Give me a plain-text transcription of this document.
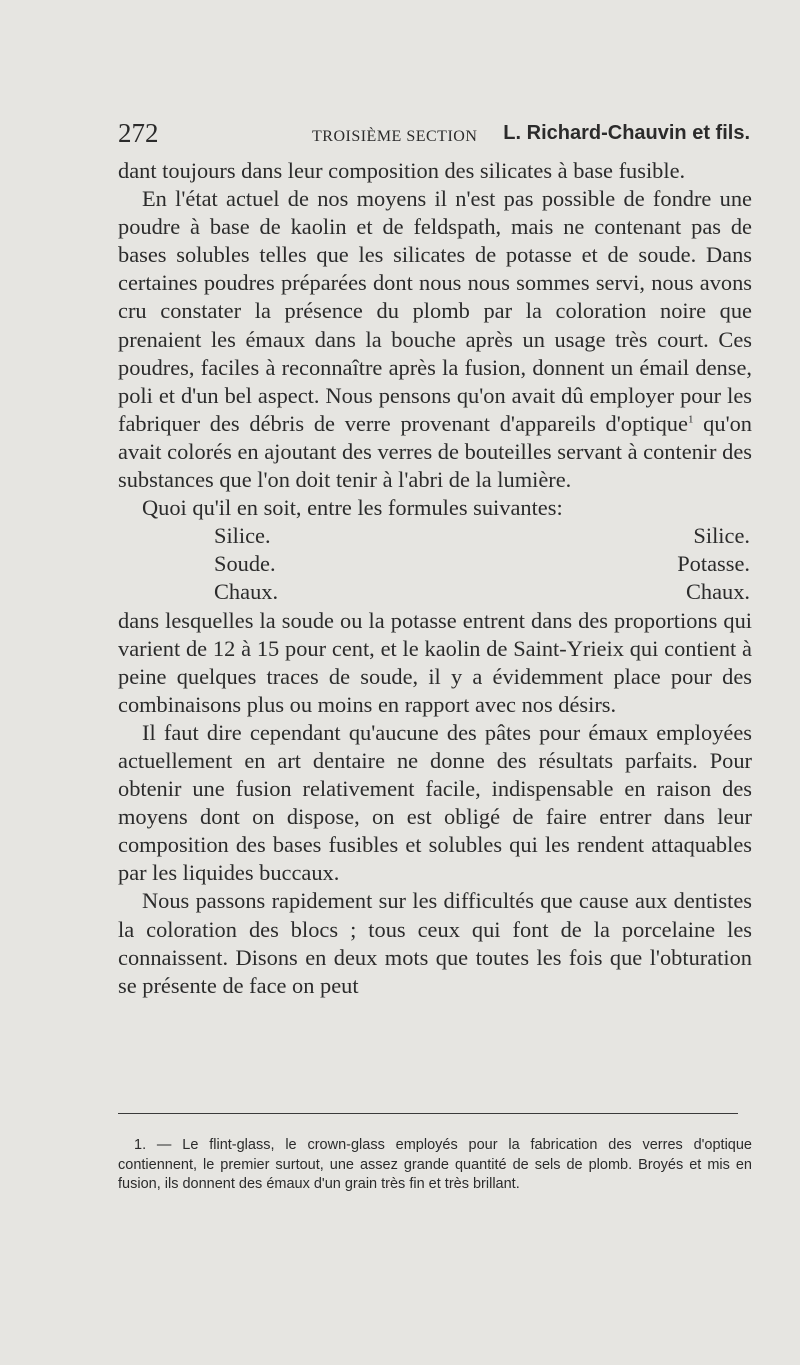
272	TROISIÈME SECTION L. Richard-Chauvin et fils.

dant toujours dans leur composition des silicates à base fusible.

En l'état actuel de nos moyens il n'est pas possible de fondre une poudre à base de kaolin et de feldspath, mais ne contenant pas de bases solubles telles que les silicates de potasse et de soude. Dans certaines poudres préparées dont nous nous sommes servi, nous avons cru constater la présence du plomb par la coloration noire que prenaient les émaux dans la bouche après un usage très court. Ces poudres, faciles à reconnaître après la fusion, donnent un émail dense, poli et d'un bel aspect. Nous pensons qu'on avait dû employer pour les fabriquer des débris de verre provenant d'appareils d'optique$^1$ qu'on avait colorés en ajoutant des verres de bouteilles servant à contenir des substances que l'on doit tenir à l'abri de la lumière.

Quoi qu'il en soit, entre les formules suivantes:

Silice.	Silice.
Soude.	Potasse.
Chaux.	Chaux.

dans lesquelles la soude ou la potasse entrent dans des proportions qui varient de 12 à 15 pour cent, et le kaolin de Saint-Yrieix qui contient à peine quelques traces de soude, il y a évidemment place pour des combinaisons plus ou moins en rapport avec nos désirs.

Il faut dire cependant qu'aucune des pâtes pour émaux employées actuellement en art dentaire ne donne des résultats parfaits. Pour obtenir une fusion relativement facile, indispensable en raison des moyens dont on dispose, on est obligé de faire entrer dans leur composition des bases fusibles et solubles qui les rendent attaquables par les liquides buccaux.

Nous passons rapidement sur les difficultés que cause aux dentistes la coloration des blocs ; tous ceux qui font de la porcelaine les connaissent. Disons en deux mots que toutes les fois que l'obturation se présente de face on peut

1. — Le flint-glass, le crown-glass employés pour la fabrication des verres d'optique contiennent, le premier surtout, une assez grande quantité de sels de plomb. Broyés et mis en fusion, ils donnent des émaux d'un grain très fin et très brillant.
